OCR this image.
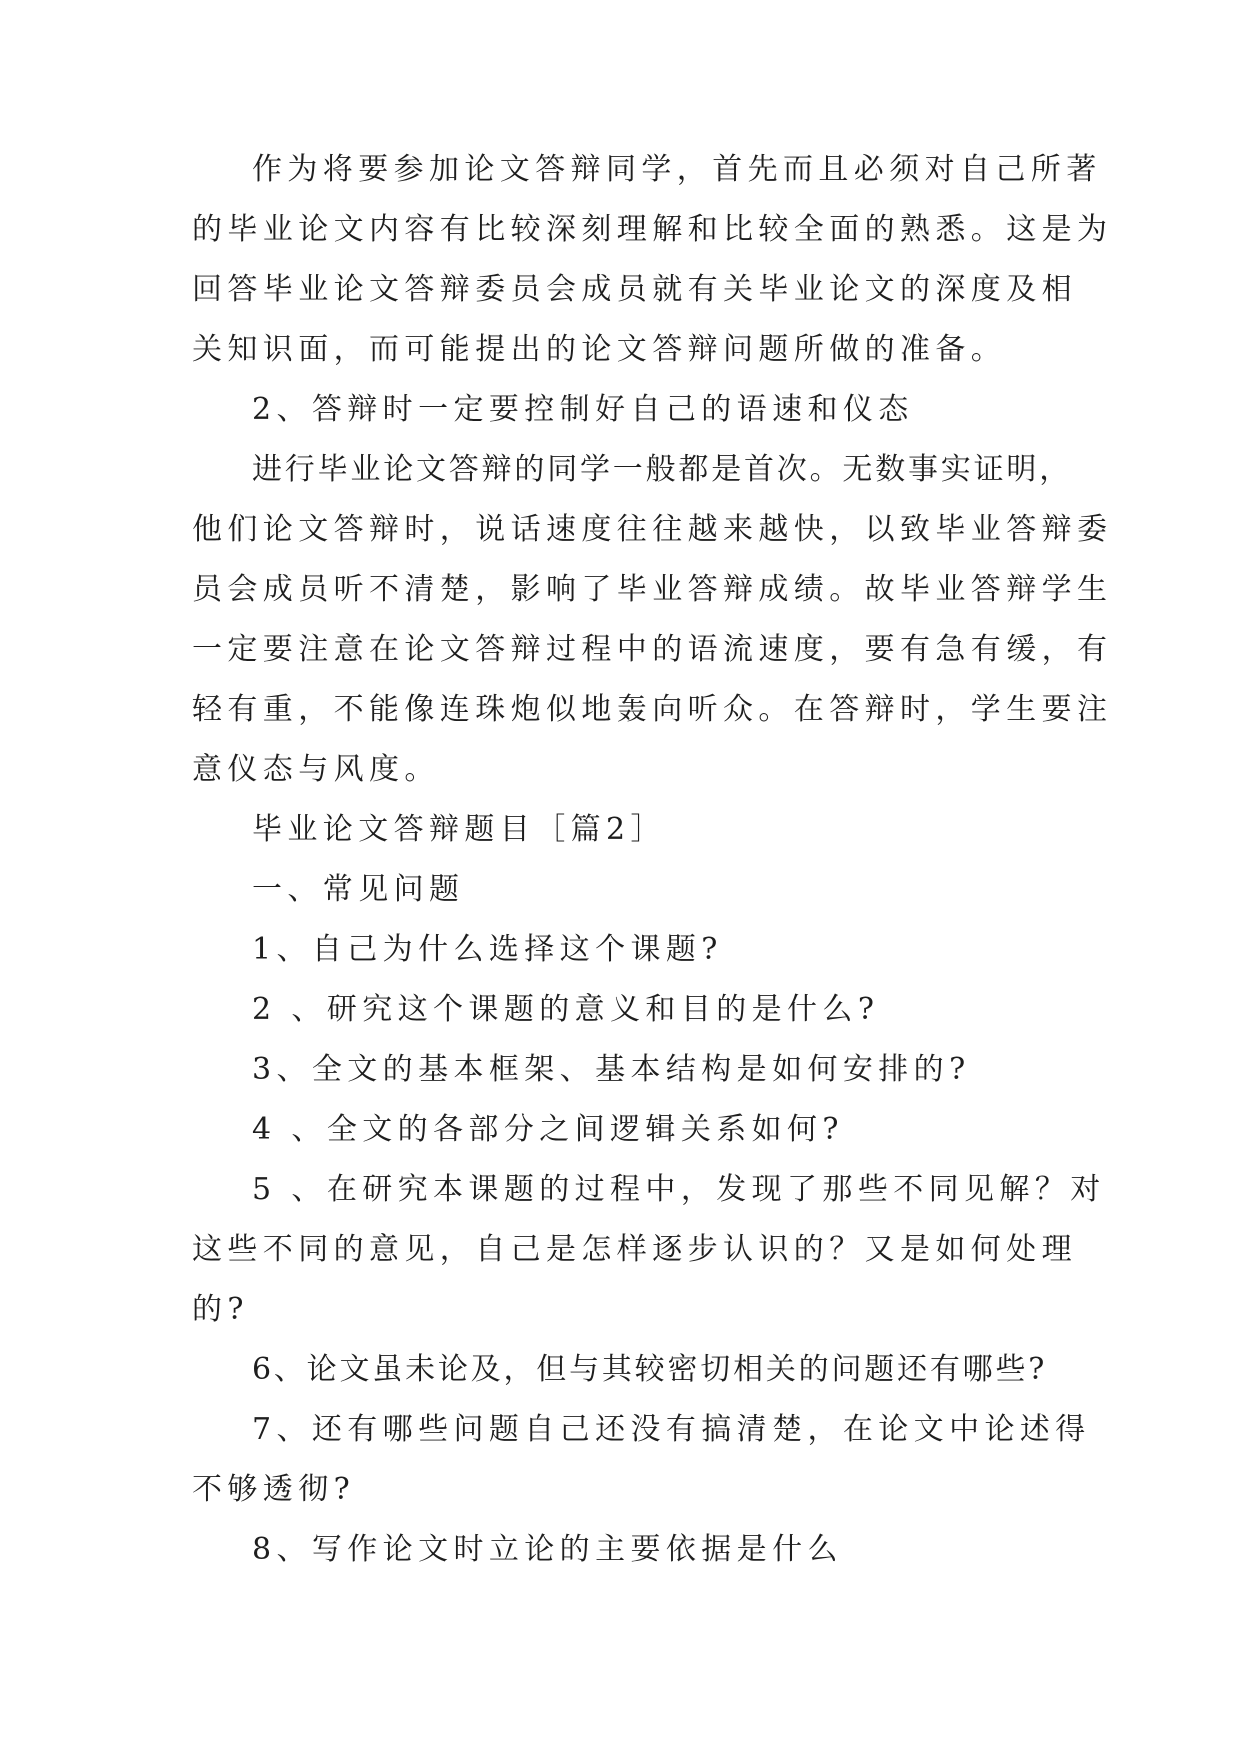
作为将要参加论文答辩同学，首先而且必须对自己所著
的毕业论文内容有比较深刻理解和比较全面的熟悉。这是为
回答毕业论文答辩委员会成员就有关毕业论文的深度及相
关知识面，而可能提出的论文答辩问题所做的准备。
2、答辩时一定要控制好自己的语速和仪态
进行毕业论文答辩的同学一般都是首次。无数事实证明，
他们论文答辩时，说话速度往往越来越快，以致毕业答辩委
员会成员听不清楚，影响了毕业答辩成绩。故毕业答辩学生
一定要注意在论文答辩过程中的语流速度，要有急有缓，有
轻有重，不能像连珠炮似地轰向听众。在答辩时，学生要注
意仪态与风度。
毕业论文答辩题目［篇2］
一、常见问题
1、自己为什么选择这个课题?
2 、研究这个课题的意义和目的是什么?
3、全文的基本框架、基本结构是如何安排的?
4 、全文的各部分之间逻辑关系如何?
5 、在研究本课题的过程中，发现了那些不同见解？对
这些不同的意见，自己是怎样逐步认识的？又是如何处理
的?
6、论文虽未论及，但与其较密切相关的问题还有哪些?
7、还有哪些问题自己还没有搞清楚，在论文中论述得
不够透彻?
8、写作论文时立论的主要依据是什么
